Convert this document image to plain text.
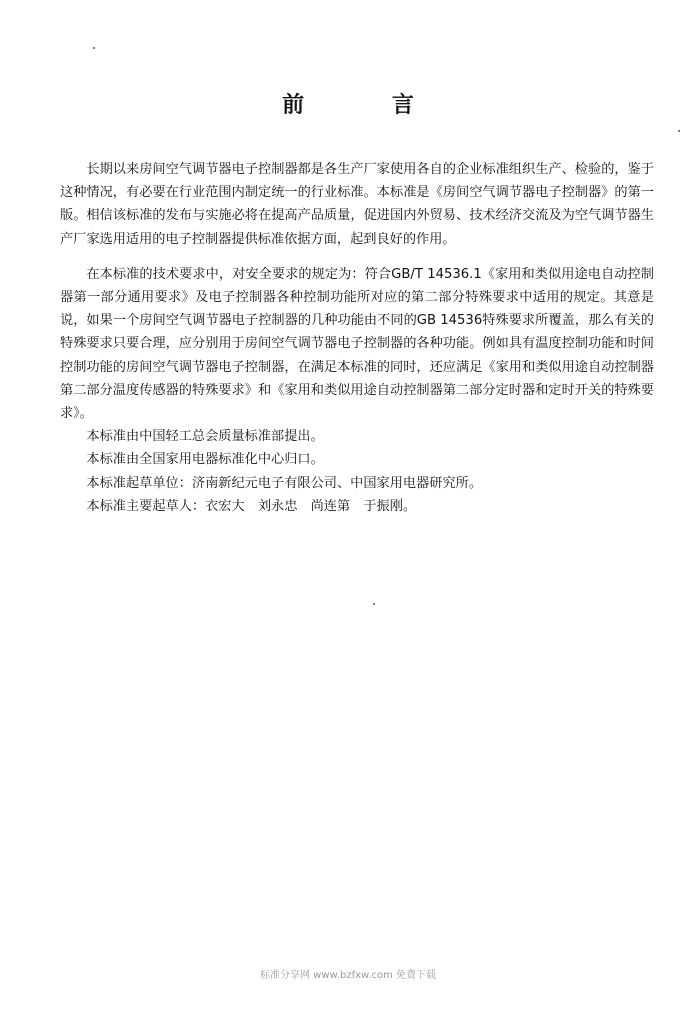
前 言

长期以来房间空气调节器电子控制器都是各生产厂家使用各自的企业标准组织生产、检验的，鉴于这种情况，有必要在行业范围内制定统一的行业标准。本标准是《房间空气调节器电子控制器》的第一版。相信该标准的发布与实施必将在提高产品质量，促进国内外贸易、技术经济交流及为空气调节器生产厂家选用适用的电子控制器提供标准依据方面，起到良好的作用。

在本标准的技术要求中，对安全要求的规定为：符合GB/T 14536.1《家用和类似用途电自动控制器第一部分通用要求》及电子控制器各种控制功能所对应的第二部分特殊要求中适用的规定。其意是说，如果一个房间空气调节器电子控制器的几种功能由不同的GB 14536特殊要求所覆盖，那么有关的特殊要求只要合理，应分别用于房间空气调节器电子控制器的各种功能。例如具有温度控制功能和时间控制功能的房间空气调节器电子控制器，在满足本标准的同时，还应满足《家用和类似用途自动控制器第二部分温度传感器的特殊要求》和《家用和类似用途自动控制器第二部分定时器和定时开关的特殊要求》。

本标准由中国轻工总会质量标准部提出。

本标准由全国家用电器标准化中心归口。

本标准起草单位：济南新纪元电子有限公司、中国家用电器研究所。

本标准主要起草人：衣宏大　刘永忠　尚连第　于振刚。

标准分享网 www.bzfxw.com 免费下载
